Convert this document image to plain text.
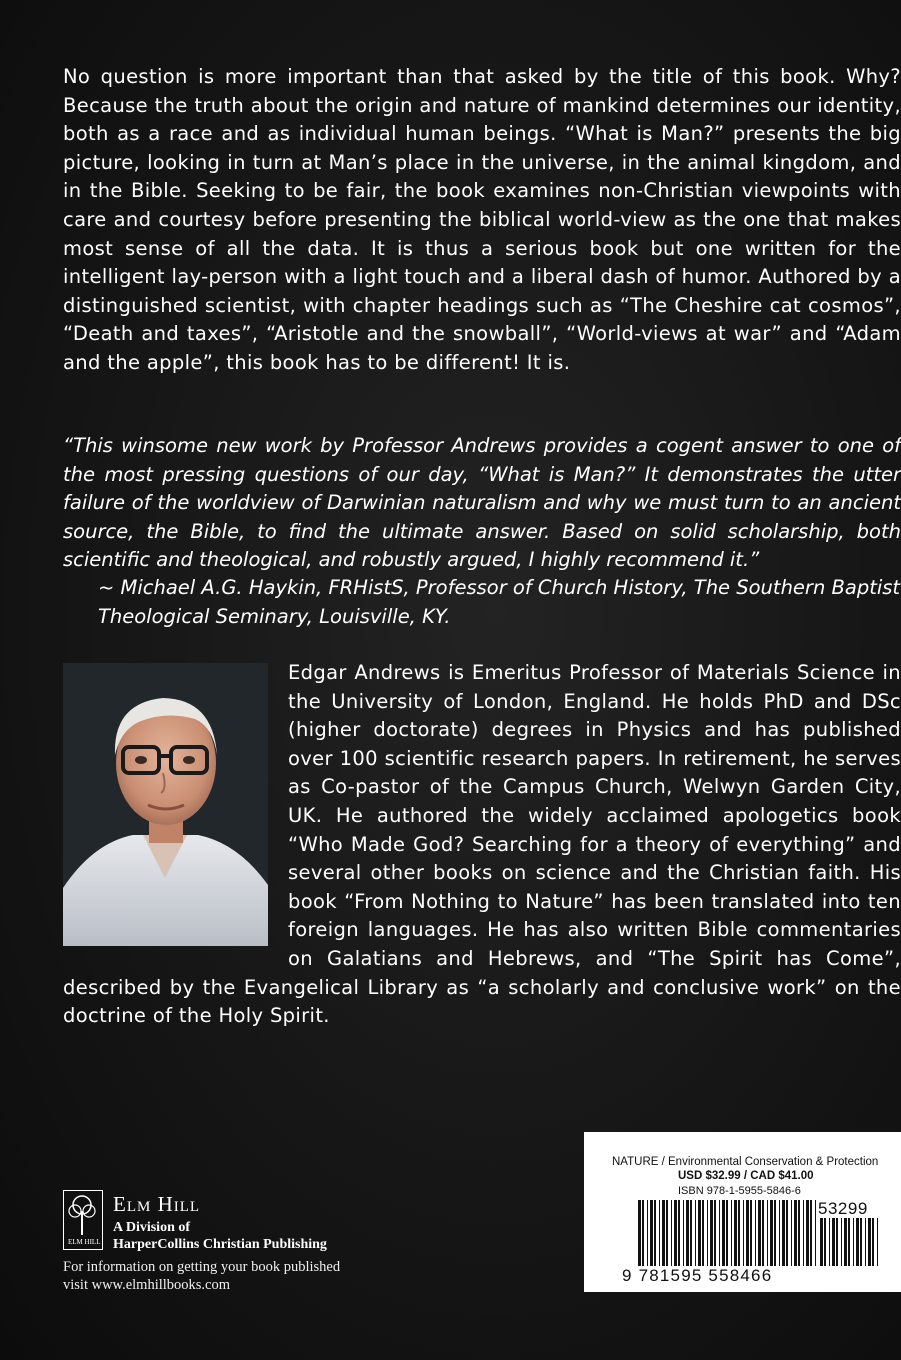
No question is more important than that asked by the title of this book. Why? Because the truth about the origin and nature of mankind determines our identity, both as a race and as individual human beings. “What is Man?” presents the big picture, looking in turn at Man’s place in the universe, in the animal kingdom, and in the Bible. Seeking to be fair, the book examines non-Christian viewpoints with care and courtesy before presenting the biblical world-view as the one that makes most sense of all the data. It is thus a serious book but one written for the intelligent lay-person with a light touch and a liberal dash of humor. Authored by a distinguished scientist, with chapter headings such as “The Cheshire cat cosmos”, “Death and taxes”, “Aristotle and the snowball”, “World-views at war” and “Adam and the apple”, this book has to be different! It is.

“This winsome new work by Professor Andrews provides a cogent answer to one of the most pressing questions of our day, “What is Man?” It demonstrates the utter failure of the worldview of Darwinian naturalism and why we must turn to an ancient source, the Bible, to find the ultimate answer. Based on solid scholarship, both scientific and theological, and robustly argued, I highly recommend it.”

~ Michael A.G. Haykin, FRHistS, Professor of Church History, The Southern Baptist Theological Seminary, Louisville, KY.

Edgar Andrews is Emeritus Professor of Materials Science in the University of London, England. He holds PhD and DSc (higher doctorate) degrees in Physics and has published over 100 scientific research papers. In retirement, he serves as Co-pastor of the Campus Church, Welwyn Garden City, UK. He authored the widely acclaimed apologetics book “Who Made God? Searching for a theory of everything” and several other books on science and the Christian faith. His book “From Nothing to Nature” has been translated into ten foreign languages. He has also written Bible commentaries on Galatians and Hebrews, and “The Spirit has Come”, described by the Evangelical Library as “a scholarly and conclusive work” on the doctrine of the Holy Spirit.

ELM HILL
Elm Hill
A Division of
HarperCollins Christian Publishing
For information on getting your book published
visit www.elmhillbooks.com
NATURE / Environmental Conservation & Protection
USD $32.99 / CAD $41.00
ISBN 978-1-5955-5846-6
53299
9 781595 558466
